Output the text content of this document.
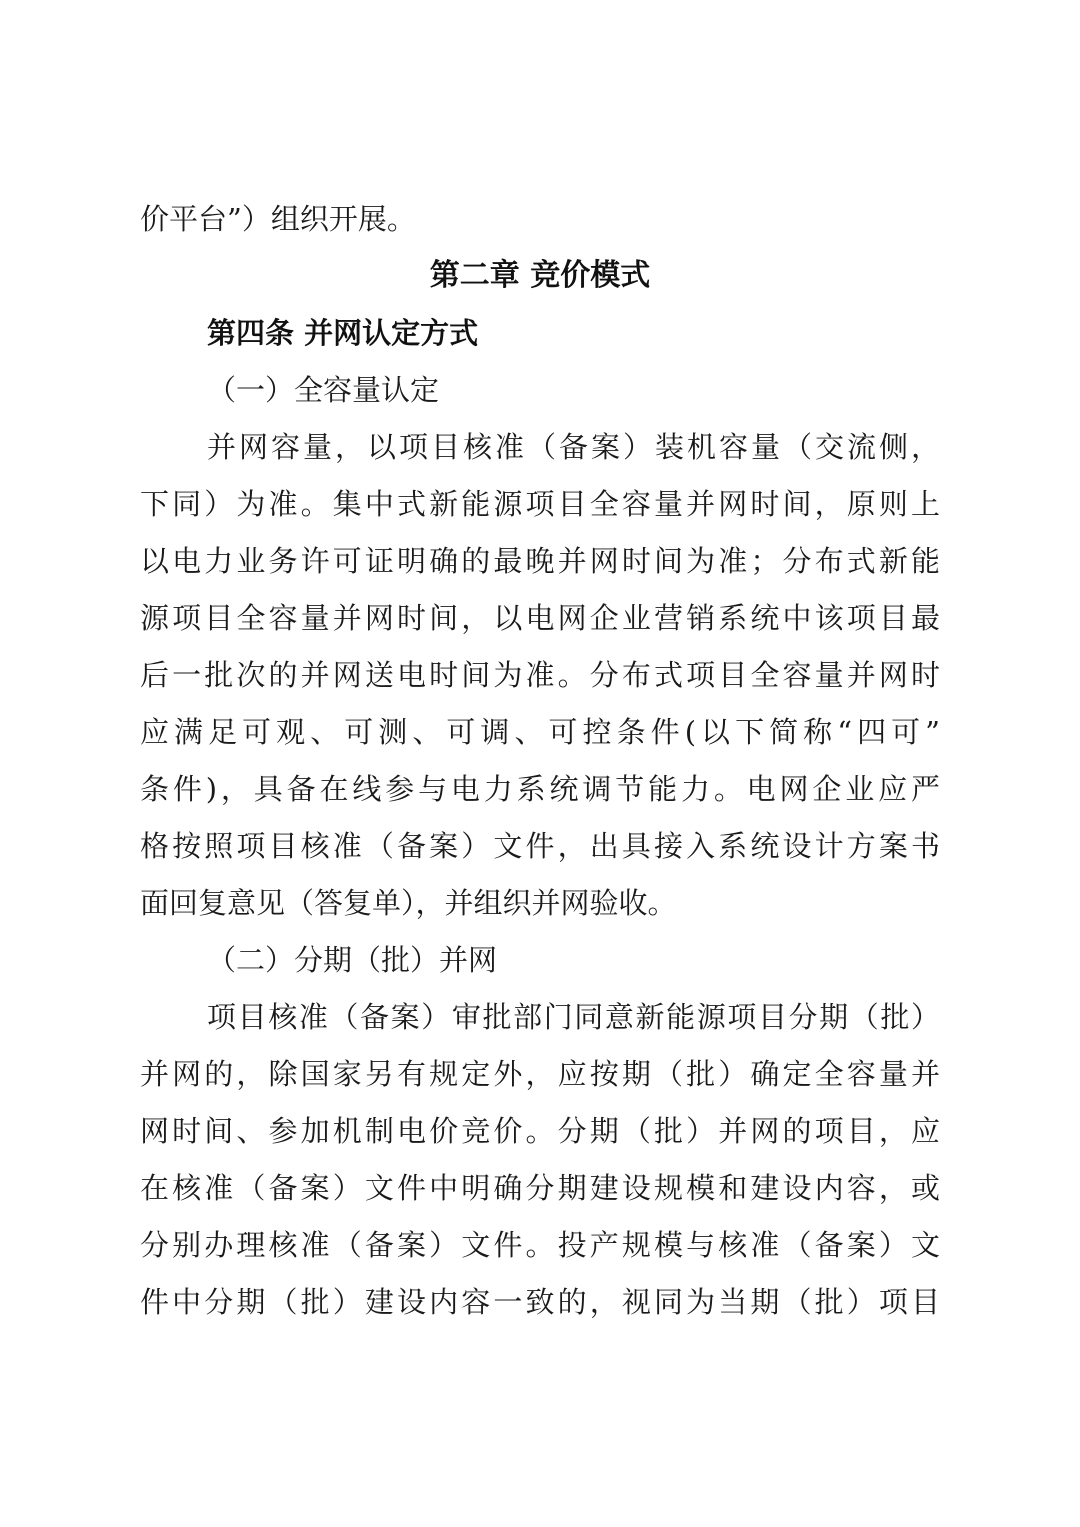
价平台”）组织开展。
第二章 竞价模式
第四条 并网认定方式
（一）全容量认定
并网容量，以项目核准（备案）装机容量（交流侧，
下同）为准。集中式新能源项目全容量并网时间，原则上
以电力业务许可证明确的最晚并网时间为准；分布式新能
源项目全容量并网时间，以电网企业营销系统中该项目最
后一批次的并网送电时间为准。分布式项目全容量并网时
应满足可观、可测、可调、可控条件(以下简称“四可”
条件)，具备在线参与电力系统调节能力。电网企业应严
格按照项目核准（备案）文件，出具接入系统设计方案书
面回复意见（答复单），并组织并网验收。
（二）分期（批）并网
项目核准（备案）审批部门同意新能源项目分期（批）
并网的，除国家另有规定外，应按期（批）确定全容量并
网时间、参加机制电价竞价。分期（批）并网的项目，应
在核准（备案）文件中明确分期建设规模和建设内容，或
分别办理核准（备案）文件。投产规模与核准（备案）文
件中分期（批）建设内容一致的，视同为当期（批）项目
